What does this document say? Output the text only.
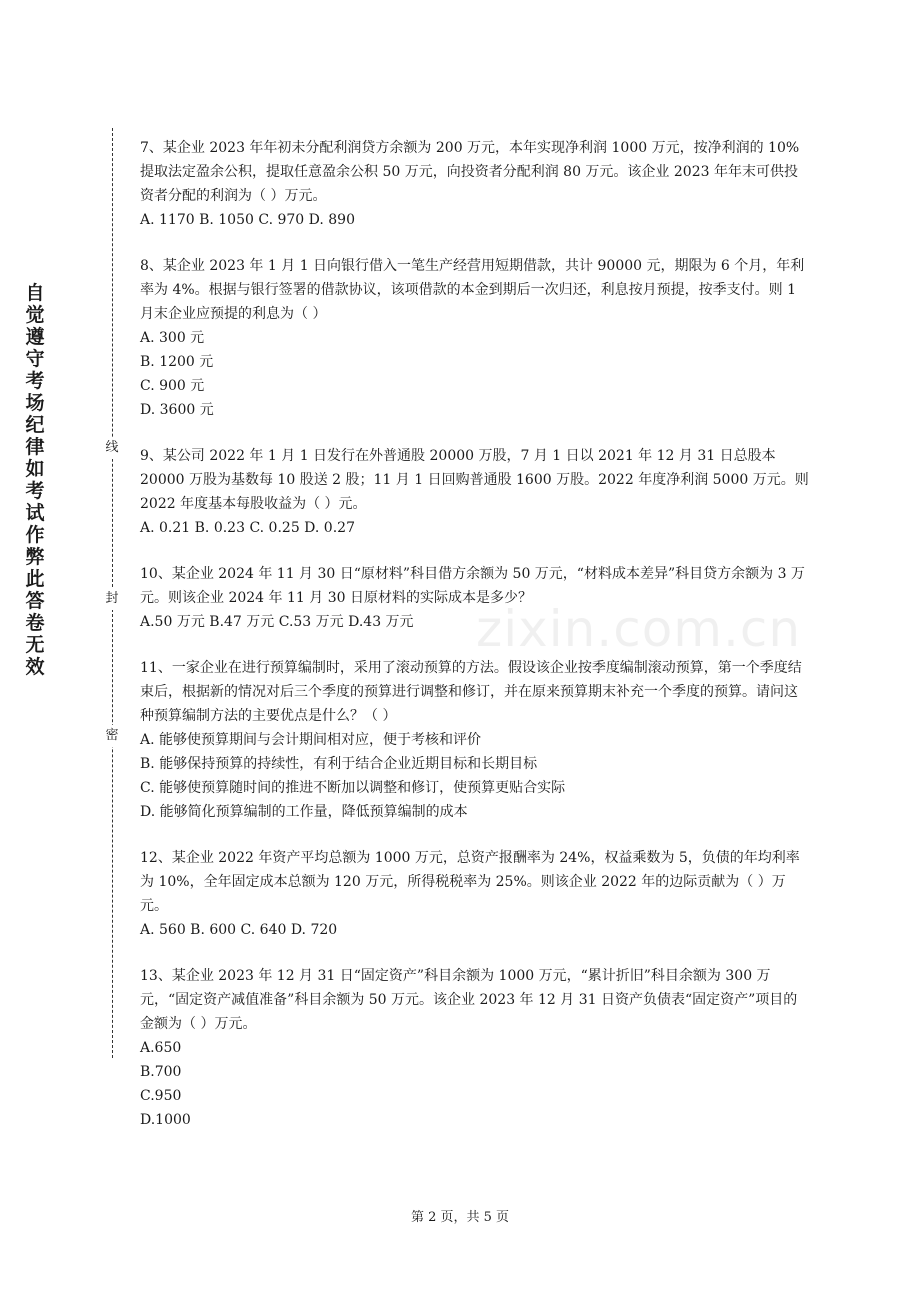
自觉遵守考场纪律如考试作弊此答卷无效
线
封
密

7、某企业 2023 年年初未分配利润贷方余额为 200 万元，本年实现净利润 1000 万元，按净利润的 10%提取法定盈余公积，提取任意盈余公积 50 万元，向投资者分配利润 80 万元。该企业 2023 年年末可供投资者分配的利润为（ ）万元。

A. 1170 B. 1050 C. 970 D. 890

8、某企业 2023 年 1 月 1 日向银行借入一笔生产经营用短期借款，共计 90000 元，期限为 6 个月，年利率为 4%。根据与银行签署的借款协议，该项借款的本金到期后一次归还，利息按月预提，按季支付。则 1 月末企业应预提的利息为（ ）

A. 300 元

B. 1200 元

C. 900 元

D. 3600 元

9、某公司 2022 年 1 月 1 日发行在外普通股 20000 万股，7 月 1 日以 2021 年 12 月 31 日总股本 20000 万股为基数每 10 股送 2 股；11 月 1 日回购普通股 1600 万股。2022 年度净利润 5000 万元。则 2022 年度基本每股收益为（ ）元。

A. 0.21 B. 0.23 C. 0.25 D. 0.27

10、某企业 2024 年 11 月 30 日“原材料”科目借方余额为 50 万元，“材料成本差异”科目贷方余额为 3 万元。则该企业 2024 年 11 月 30 日原材料的实际成本是多少？

A.50 万元 B.47 万元 C.53 万元 D.43 万元

11、一家企业在进行预算编制时，采用了滚动预算的方法。假设该企业按季度编制滚动预算，第一个季度结束后，根据新的情况对后三个季度的预算进行调整和修订，并在原来预算期末补充一个季度的预算。请问这种预算编制方法的主要优点是什么？（ ）

A. 能够使预算期间与会计期间相对应，便于考核和评价

B. 能够保持预算的持续性，有利于结合企业近期目标和长期目标

C. 能够使预算随时间的推进不断加以调整和修订，使预算更贴合实际

D. 能够简化预算编制的工作量，降低预算编制的成本

12、某企业 2022 年资产平均总额为 1000 万元，总资产报酬率为 24%，权益乘数为 5，负债的年均利率为 10%，全年固定成本总额为 120 万元，所得税税率为 25%。则该企业 2022 年的边际贡献为（ ）万元。

A. 560 B. 600 C. 640 D. 720

13、某企业 2023 年 12 月 31 日“固定资产”科目余额为 1000 万元，“累计折旧”科目余额为 300 万元，“固定资产减值准备”科目余额为 50 万元。该企业 2023 年 12 月 31 日资产负债表“固定资产”项目的金额为（ ）万元。

A.650

B.700

C.950

D.1000

zixin.com.cn
第 2 页，共 5 页
